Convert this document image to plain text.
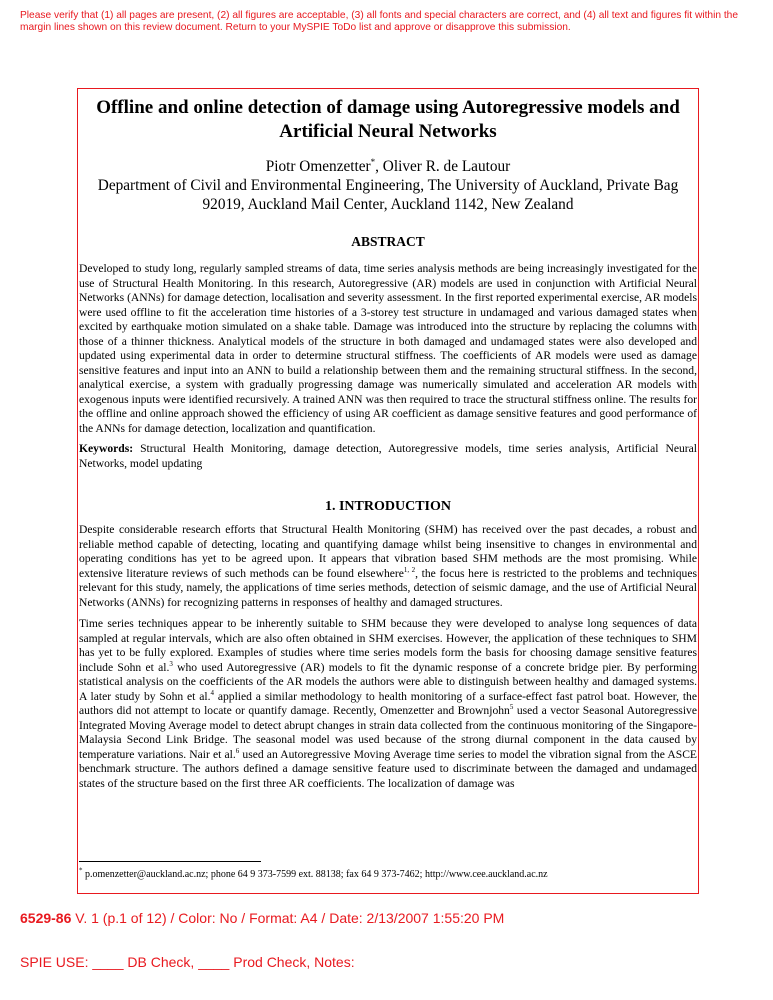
Please verify that (1) all pages are present, (2) all figures are acceptable, (3) all fonts and special characters are correct, and (4) all text and figures fit within the margin lines shown on this review document. Return to your MySPIE ToDo list and approve or disapprove this submission.
Offline and online detection of damage using Autoregressive models and Artificial Neural Networks
Piotr Omenzetter*, Oliver R. de Lautour
Department of Civil and Environmental Engineering, The University of Auckland, Private Bag 92019, Auckland Mail Center, Auckland 1142, New Zealand
ABSTRACT
Developed to study long, regularly sampled streams of data, time series analysis methods are being increasingly investigated for the use of Structural Health Monitoring. In this research, Autoregressive (AR) models are used in conjunction with Artificial Neural Networks (ANNs) for damage detection, localisation and severity assessment. In the first reported experimental exercise, AR models were used offline to fit the acceleration time histories of a 3-storey test structure in undamaged and various damaged states when excited by earthquake motion simulated on a shake table. Damage was introduced into the structure by replacing the columns with those of a thinner thickness. Analytical models of the structure in both damaged and undamaged states were also developed and updated using experimental data in order to determine structural stiffness. The coefficients of AR models were used as damage sensitive features and input into an ANN to build a relationship between them and the remaining structural stiffness. In the second, analytical exercise, a system with gradually progressing damage was numerically simulated and acceleration AR models with exogenous inputs were identified recursively. A trained ANN was then required to trace the structural stiffness online. The results for the offline and online approach showed the efficiency of using AR coefficient as damage sensitive features and good performance of the ANNs for damage detection, localization and quantification.
Keywords: Structural Health Monitoring, damage detection, Autoregressive models, time series analysis, Artificial Neural Networks, model updating
1. INTRODUCTION
Despite considerable research efforts that Structural Health Monitoring (SHM) has received over the past decades, a robust and reliable method capable of detecting, locating and quantifying damage whilst being insensitive to changes in environmental and operating conditions has yet to be agreed upon. It appears that vibration based SHM methods are the most promising. While extensive literature reviews of such methods can be found elsewhere$^{1, 2}$, the focus here is restricted to the problems and techniques relevant for this study, namely, the applications of time series methods, detection of seismic damage, and the use of Artificial Neural Networks (ANNs) for recognizing patterns in responses of healthy and damaged structures.
Time series techniques appear to be inherently suitable to SHM because they were developed to analyse long sequences of data sampled at regular intervals, which are also often obtained in SHM exercises. However, the application of these techniques to SHM has yet to be fully explored. Examples of studies where time series models form the basis for choosing damage sensitive features include Sohn et al.$^3$ who used Autoregressive (AR) models to fit the dynamic response of a concrete bridge pier. By performing statistical analysis on the coefficients of the AR models the authors were able to distinguish between healthy and damaged systems. A later study by Sohn et al.$^4$ applied a similar methodology to health monitoring of a surface-effect fast patrol boat. However, the authors did not attempt to locate or quantify damage. Recently, Omenzetter and Brownjohn$^5$ used a vector Seasonal Autoregressive Integrated Moving Average model to detect abrupt changes in strain data collected from the continuous monitoring of the Singapore-Malaysia Second Link Bridge. The seasonal model was used because of the strong diurnal component in the data caused by temperature variations. Nair et al.$^6$ used an Autoregressive Moving Average time series to model the vibration signal from the ASCE benchmark structure. The authors defined a damage sensitive feature used to discriminate between the damaged and undamaged states of the structure based on the first three AR coefficients. The localization of damage was
* p.omenzetter@auckland.ac.nz; phone 64 9 373-7599 ext. 88138; fax 64 9 373-7462; http://www.cee.auckland.ac.nz
6529-86 V. 1 (p.1 of 12) / Color: No / Format: A4 / Date: 2/13/2007 1:55:20 PM
SPIE USE: ____ DB Check, ____ Prod Check, Notes:
